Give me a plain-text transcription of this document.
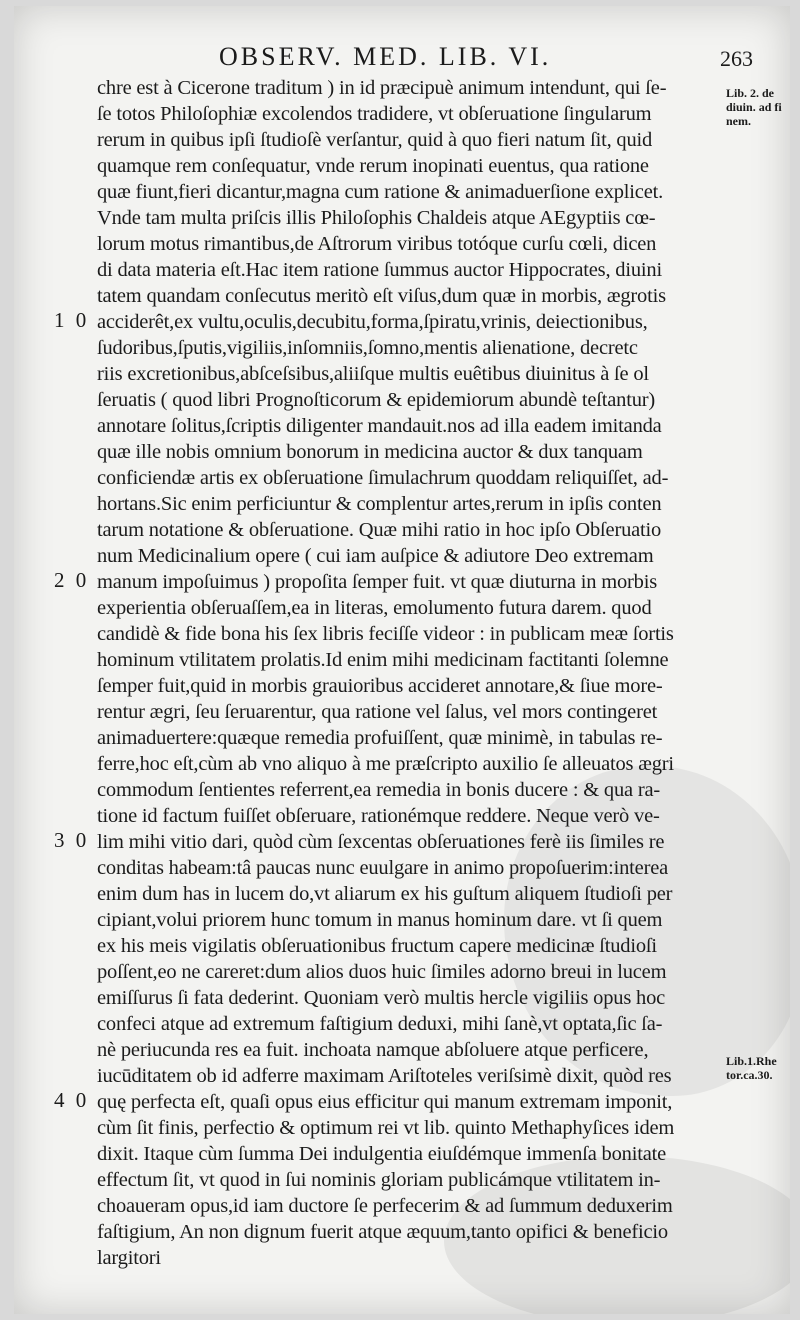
OBSERV. MED. LIB. VI.	263
Lib. 2. de
diuin. ad fi
nem.
Lib.1.Rhe
tor.ca.30.
1 0
2 0
3 0
4 0
chre est à Cicerone traditum ) in id præcipuè animum intendunt, qui ſe-
ſe totos Philoſophiæ excolendos tradidere, vt obſeruatione ſingularum
rerum in quibus ipſi ſtudioſè verſantur, quid à quo fieri natum ſit, quid
quamque rem conſequatur, vnde rerum inopinati euentus, qua ratione
quæ fiunt,fieri dicantur,magna cum ratione & animaduerſione explicet.
Vnde tam multa priſcis illis Philoſophis Chaldeis atque AEgyptiis cœ-
lorum motus rimantibus,de Aſtrorum viribus totóque curſu cœli, dicen
di data materia eſt.Hac item ratione ſummus auctor Hippocrates, diuini
tatem quandam conſecutus meritò eſt viſus,dum quæ in morbis, ægrotis
acciderêt,ex vultu,oculis,decubitu,forma,ſpiratu,vrinis, deiectionibus,
ſudoribus,ſputis,vigiliis,inſomniis,ſomno,mentis alienatione, decretc
riis excretionibus,abſceſsibus,aliiſque multis euêtibus diuinitus à ſe ol
ſeruatis ( quod libri Prognoſticorum & epidemiorum abundè teſtantur)
annotare ſolitus,ſcriptis diligenter mandauit.nos ad illa eadem imitanda
quæ ille nobis omnium bonorum in medicina auctor & dux tanquam
conficiendæ artis ex obſeruatione ſimulachrum quoddam reliquiſſet, ad-
hortans.Sic enim perficiuntur & complentur artes,rerum in ipſis conten
tarum notatione & obſeruatione. Quæ mihi ratio in hoc ipſo Obſeruatio
num Medicinalium opere ( cui iam auſpice & adiutore Deo extremam
manum impoſuimus ) propoſita ſemper fuit. vt quæ diuturna in morbis
experientia obſeruaſſem,ea in literas, emolumento futura darem. quod
candidè & fide bona his ſex libris feciſſe videor : in publicam meæ ſortis
hominum vtilitatem prolatis.Id enim mihi medicinam factitanti ſolemne
ſemper fuit,quid in morbis grauioribus accideret annotare,& ſiue more-
rentur ægri, ſeu ſeruarentur, qua ratione vel ſalus, vel mors contingeret
animaduertere:quæque remedia profuiſſent, quæ minimè, in tabulas re-
ferre,hoc eſt,cùm ab vno aliquo à me præſcripto auxilio ſe alleuatos ægri
commodum ſentientes referrent,ea remedia in bonis ducere : & qua ra-
tione id factum fuiſſet obſeruare, rationémque reddere. Neque verò ve-
lim mihi vitio dari, quòd cùm ſexcentas obſeruationes ferè iis ſimiles re
conditas habeam:tâ paucas nunc euulgare in animo propoſuerim:interea
enim dum has in lucem do,vt aliarum ex his guſtum aliquem ſtudioſi per
cipiant,volui priorem hunc tomum in manus hominum dare. vt ſi quem
ex his meis vigilatis obſeruationibus fructum capere medicinæ ſtudioſi
poſſent,eo ne careret:dum alios duos huic ſimiles adorno breui in lucem
emiſſurus ſi fata dederint. Quoniam verò multis hercle vigiliis opus hoc
confeci atque ad extremum faſtigium deduxi, mihi ſanè,vt optata,ſic ſa-
nè periucunda res ea fuit. inchoata namque abſoluere atque perficere,
iucūditatem ob id adferre maximam Ariſtoteles veriſsimè dixit, quòd res
quę perfecta eſt, quaſi opus eius efficitur qui manum extremam imponit,
cùm ſit finis, perfectio & optimum rei vt lib. quinto Methaphyſices idem
dixit. Itaque cùm ſumma Dei indulgentia eiuſdémque immenſa bonitate
effectum ſit, vt quod in ſui nominis gloriam publicámque vtilitatem in-
choaueram opus,id iam ductore ſe perfecerim & ad ſummum deduxerim
faſtigium, An non dignum fuerit atque æquum,tanto opifici & beneficio
largitori
